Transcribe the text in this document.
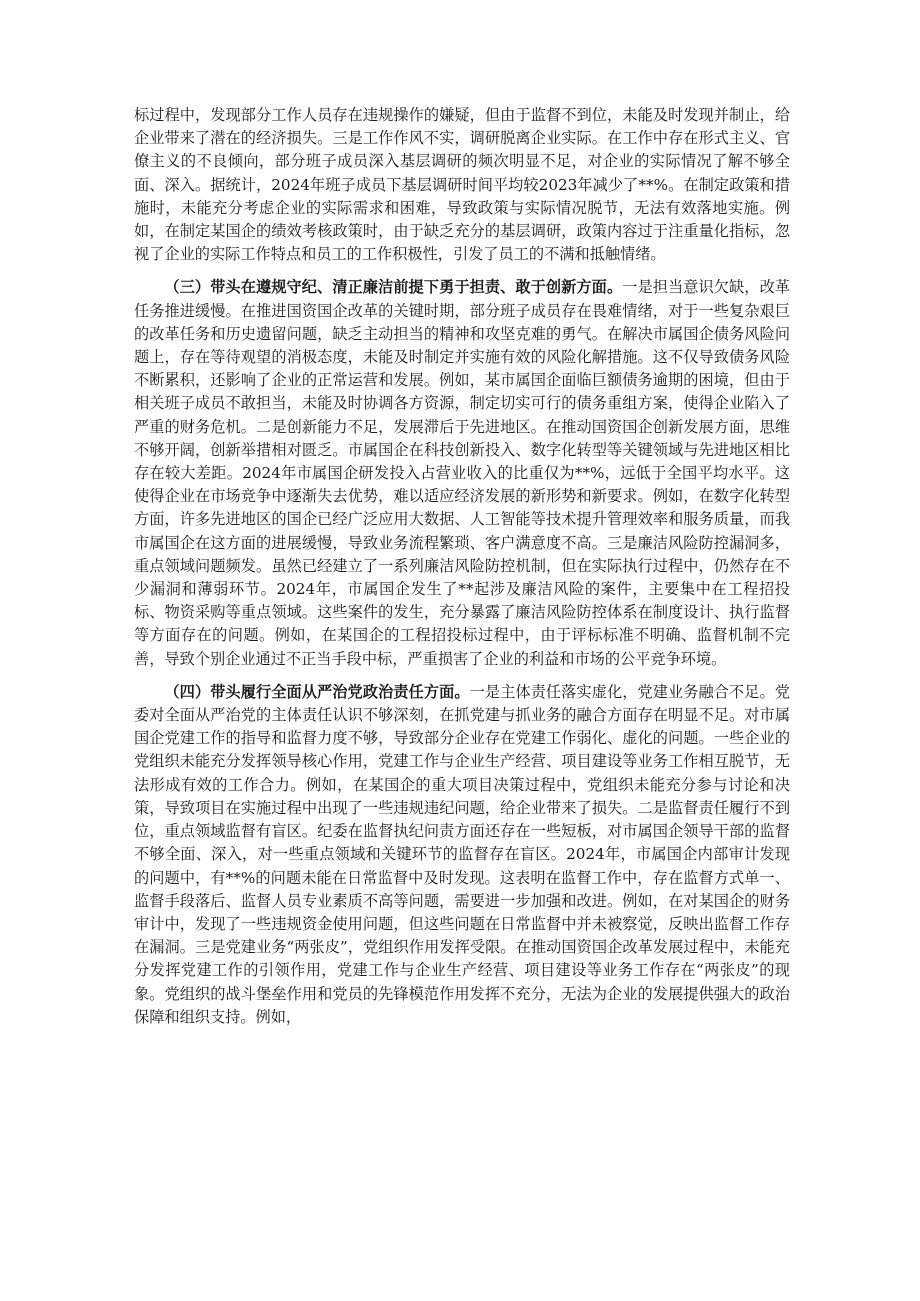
标过程中，发现部分工作人员存在违规操作的嫌疑，但由于监督不到位，未能及时发现并制止，给企业带来了潜在的经济损失。三是工作作风不实，调研脱离企业实际。在工作中存在形式主义、官僚主义的不良倾向，部分班子成员深入基层调研的频次明显不足，对企业的实际情况了解不够全面、深入。据统计，2024年班子成员下基层调研时间平均较2023年减少了**%。在制定政策和措施时，未能充分考虑企业的实际需求和困难，导致政策与实际情况脱节，无法有效落地实施。例如，在制定某国企的绩效考核政策时，由于缺乏充分的基层调研，政策内容过于注重量化指标，忽视了企业的实际工作特点和员工的工作积极性，引发了员工的不满和抵触情绪。

（三）带头在遵规守纪、清正廉洁前提下勇于担责、敢于创新方面。一是担当意识欠缺，改革任务推进缓慢。在推进国资国企改革的关键时期，部分班子成员存在畏难情绪，对于一些复杂艰巨的改革任务和历史遗留问题，缺乏主动担当的精神和攻坚克难的勇气。在解决市属国企债务风险问题上，存在等待观望的消极态度，未能及时制定并实施有效的风险化解措施。这不仅导致债务风险不断累积，还影响了企业的正常运营和发展。例如，某市属国企面临巨额债务逾期的困境，但由于相关班子成员不敢担当，未能及时协调各方资源，制定切实可行的债务重组方案，使得企业陷入了严重的财务危机。二是创新能力不足，发展滞后于先进地区。在推动国资国企创新发展方面，思维不够开阔，创新举措相对匮乏。市属国企在科技创新投入、数字化转型等关键领域与先进地区相比存在较大差距。2024年市属国企研发投入占营业收入的比重仅为**%，远低于全国平均水平。这使得企业在市场竞争中逐渐失去优势，难以适应经济发展的新形势和新要求。例如，在数字化转型方面，许多先进地区的国企已经广泛应用大数据、人工智能等技术提升管理效率和服务质量，而我市属国企在这方面的进展缓慢，导致业务流程繁琐、客户满意度不高。三是廉洁风险防控漏洞多，重点领域问题频发。虽然已经建立了一系列廉洁风险防控机制，但在实际执行过程中，仍然存在不少漏洞和薄弱环节。2024年，市属国企发生了**起涉及廉洁风险的案件，主要集中在工程招投标、物资采购等重点领域。这些案件的发生，充分暴露了廉洁风险防控体系在制度设计、执行监督等方面存在的问题。例如，在某国企的工程招投标过程中，由于评标标准不明确、监督机制不完善，导致个别企业通过不正当手段中标，严重损害了企业的利益和市场的公平竞争环境。

（四）带头履行全面从严治党政治责任方面。一是主体责任落实虚化，党建业务融合不足。党委对全面从严治党的主体责任认识不够深刻，在抓党建与抓业务的融合方面存在明显不足。对市属国企党建工作的指导和监督力度不够，导致部分企业存在党建工作弱化、虚化的问题。一些企业的党组织未能充分发挥领导核心作用，党建工作与企业生产经营、项目建设等业务工作相互脱节，无法形成有效的工作合力。例如，在某国企的重大项目决策过程中，党组织未能充分参与讨论和决策，导致项目在实施过程中出现了一些违规违纪问题，给企业带来了损失。二是监督责任履行不到位，重点领域监督有盲区。纪委在监督执纪问责方面还存在一些短板，对市属国企领导干部的监督不够全面、深入，对一些重点领域和关键环节的监督存在盲区。2024年，市属国企内部审计发现的问题中，有**%的问题未能在日常监督中及时发现。这表明在监督工作中，存在监督方式单一、监督手段落后、监督人员专业素质不高等问题，需要进一步加强和改进。例如，在对某国企的财务审计中，发现了一些违规资金使用问题，但这些问题在日常监督中并未被察觉，反映出监督工作存在漏洞。三是党建业务“两张皮”，党组织作用发挥受限。在推动国资国企改革发展过程中，未能充分发挥党建工作的引领作用，党建工作与企业生产经营、项目建设等业务工作存在“两张皮”的现象。党组织的战斗堡垒作用和党员的先锋模范作用发挥不充分，无法为企业的发展提供强大的政治保障和组织支持。例如，
